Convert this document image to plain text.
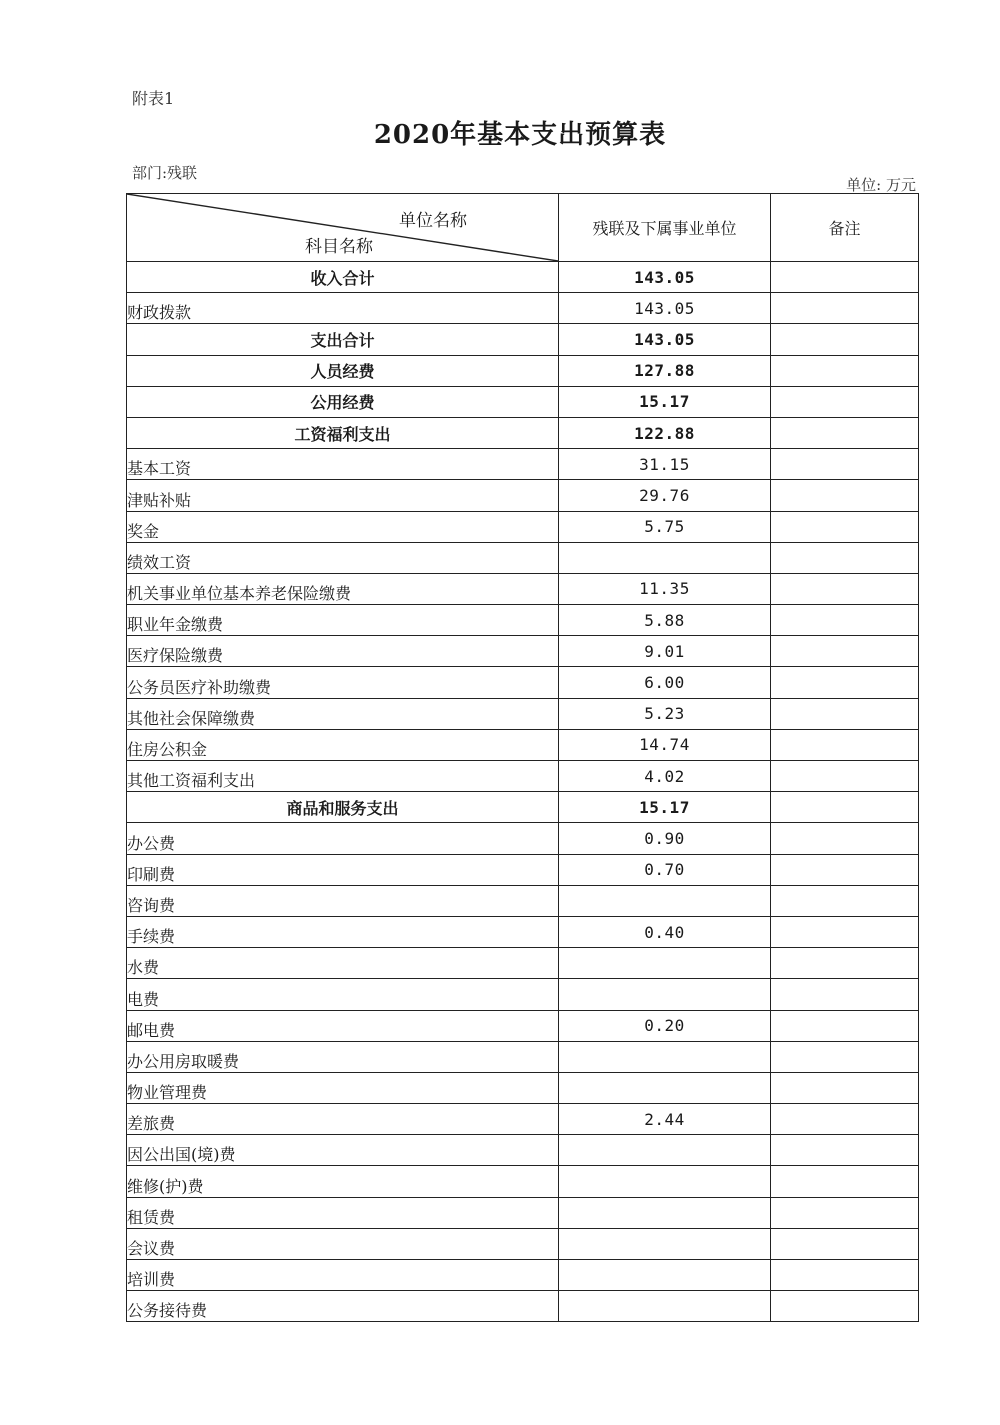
附表1
2020年基本支出预算表
部门:残联
单位: 万元
单位名称
科目名称	残联及下属事业单位	备注
收入合计	143.05	
财政拨款	143.05	
支出合计	143.05	
人员经费	127.88	
公用经费	15.17	
工资福利支出	122.88	
基本工资	31.15	
津贴补贴	29.76	
奖金	5.75	
绩效工资		
机关事业单位基本养老保险缴费	11.35	
职业年金缴费	5.88	
医疗保险缴费	9.01	
公务员医疗补助缴费	6.00	
其他社会保障缴费	5.23	
住房公积金	14.74	
其他工资福利支出	4.02	
商品和服务支出	15.17	
办公费	0.90	
印刷费	0.70	
咨询费		
手续费	0.40	
水费		
电费		
邮电费	0.20	
办公用房取暖费		
物业管理费		
差旅费	2.44	
因公出国(境)费		
维修(护)费		
租赁费		
会议费		
培训费		
公务接待费		
